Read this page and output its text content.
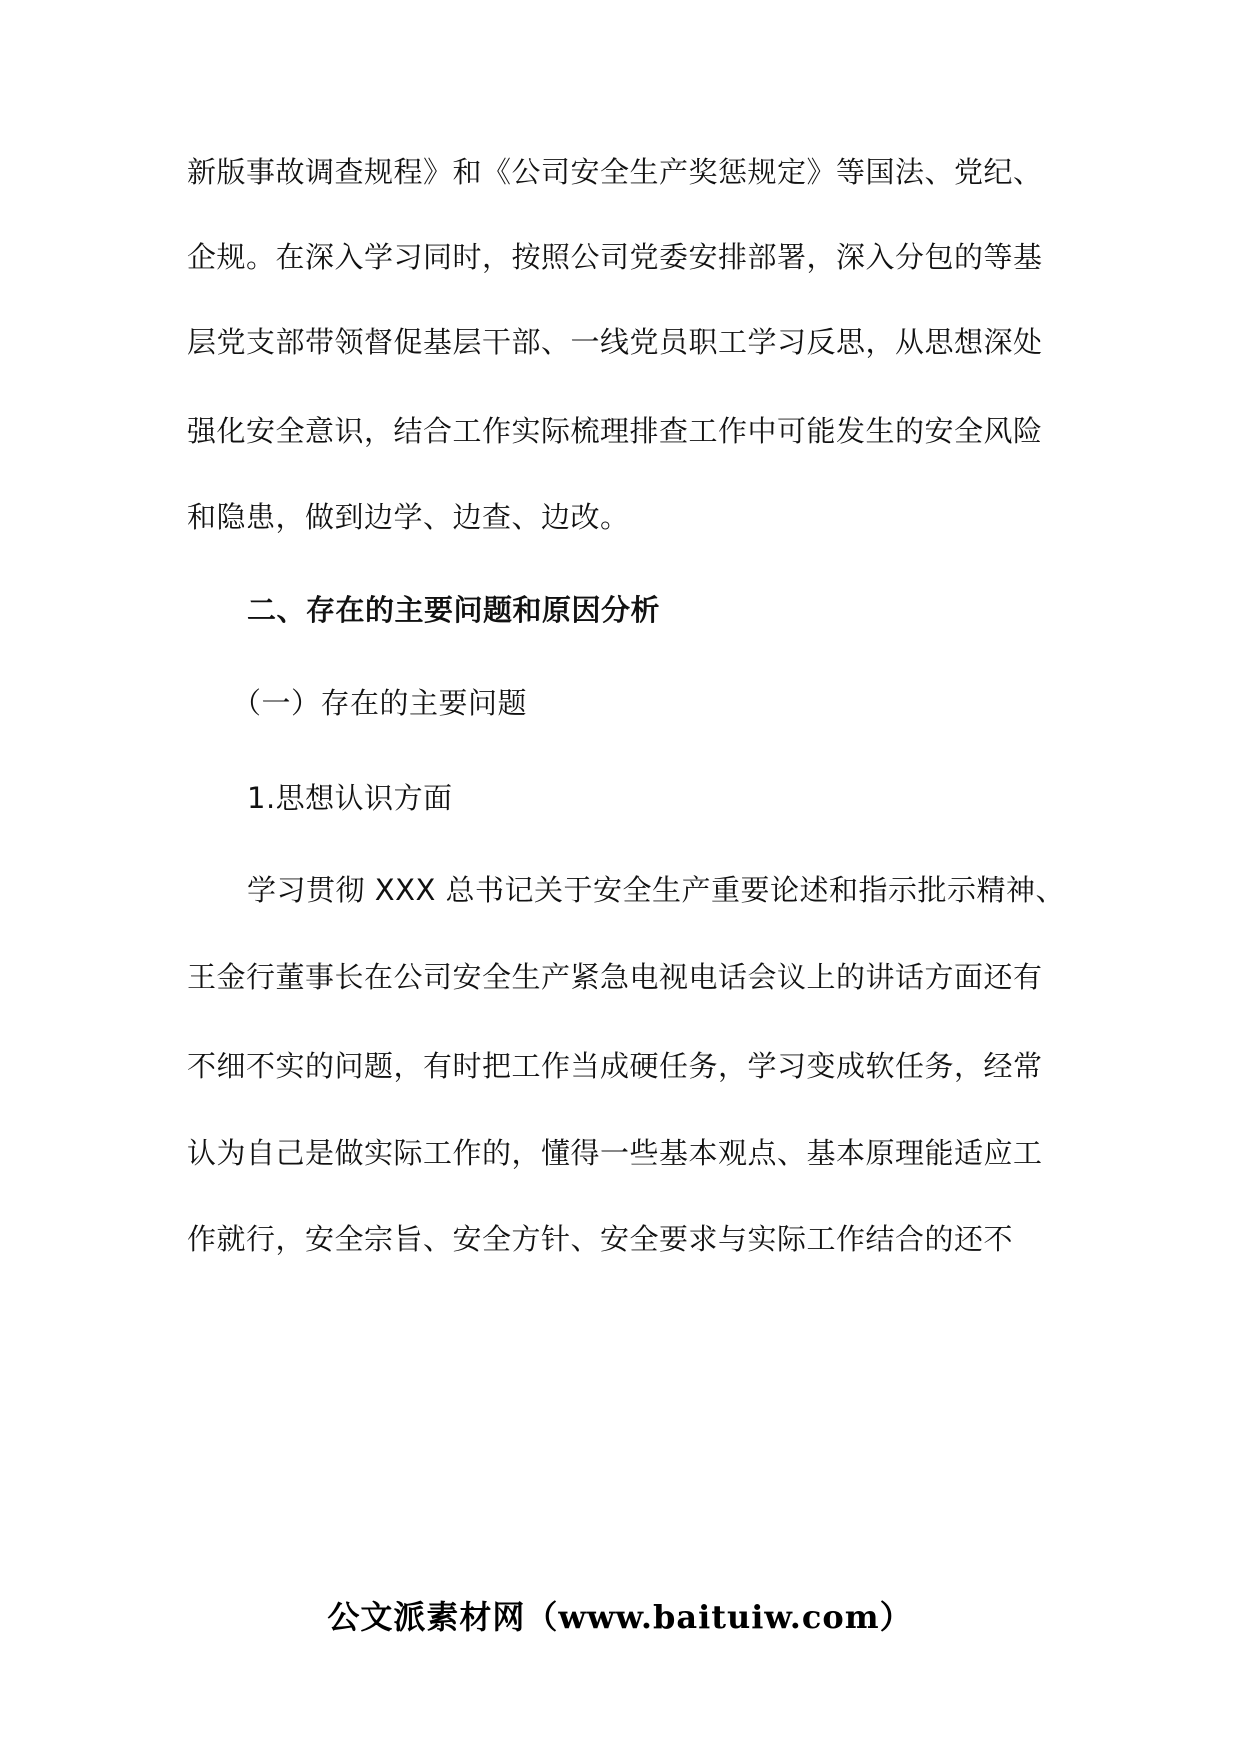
新版事故调查规程》和《公司安全生产奖惩规定》等国法、党纪、
企规。在深入学习同时，按照公司党委安排部署，深入分包的等基
层党支部带领督促基层干部、一线党员职工学习反思，从思想深处
强化安全意识，结合工作实际梳理排查工作中可能发生的安全风险
和隐患，做到边学、边查、边改。
二、存在的主要问题和原因分析
（一）存在的主要问题
1.思想认识方面
学习贯彻 XXX 总书记关于安全生产重要论述和指示批示精神、
王金行董事长在公司安全生产紧急电视电话会议上的讲话方面还有
不细不实的问题，有时把工作当成硬任务，学习变成软任务，经常
认为自己是做实际工作的，懂得一些基本观点、基本原理能适应工
作就行，安全宗旨、安全方针、安全要求与实际工作结合的还不
公文派素材网（www.baituiw.com）
